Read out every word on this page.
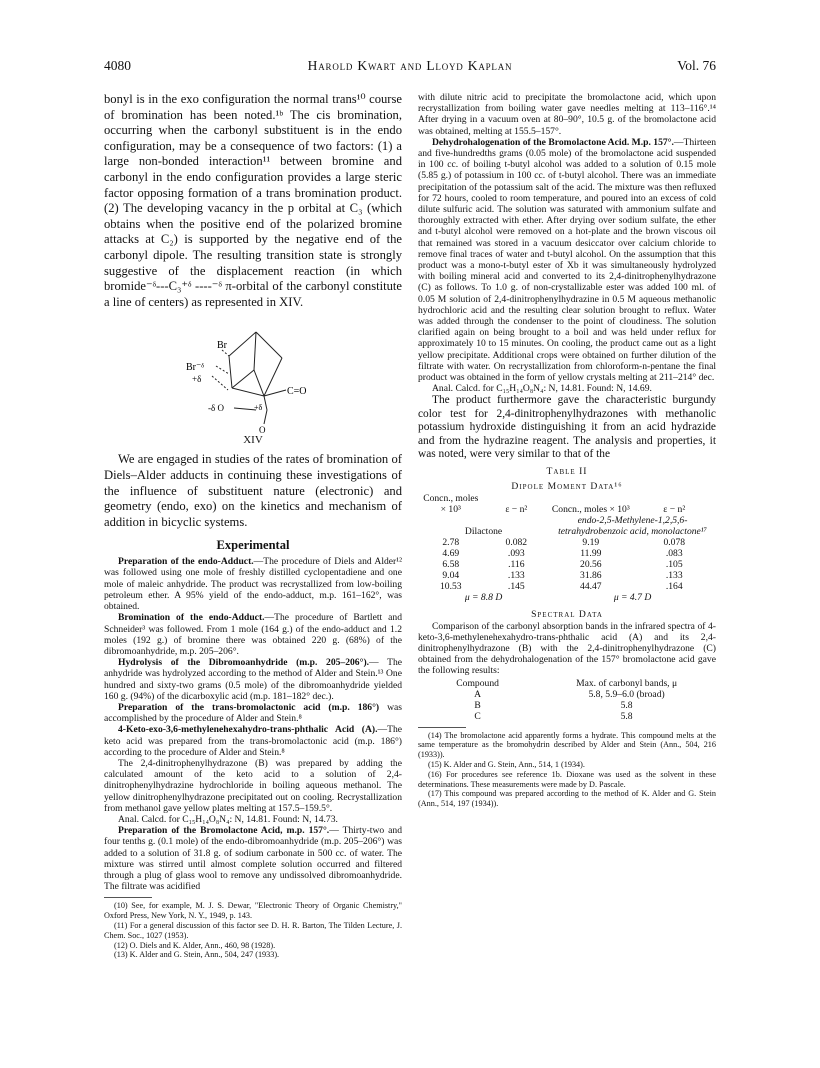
4080	Harold Kwart and Lloyd Kaplan	Vol. 76

bonyl is in the exo configuration the normal trans¹⁰ course of bromination has been noted.¹ᵇ The cis bromination, occurring when the carbonyl substituent is in the endo configuration, may be a consequence of two factors: (1) a large non-bonded interaction¹¹ between bromine and carbonyl in the endo configuration provides a large steric factor opposing formation of a trans bromination product. (2) The developing vacancy in the p orbital at C₃ (which obtains when the positive end of the polarized bromine attacks at C₂) is supported by the negative end of the carbonyl dipole. The resulting transition state is strongly suggestive of the displacement reaction (in which bromide⁻ᵟ---C₃⁺ᵟ ----⁻ᵟ π-orbital of the carbonyl constitute a line of centers) as represented in XIV.

Br
Br⁻ᵟ
+δ
-δ O	+δ
C=O
O
XIV

We are engaged in studies of the rates of bromination of Diels–Alder adducts in continuing these investigations of the influence of substituent nature (electronic) and geometry (endo, exo) on the kinetics and mechanism of addition in bicyclic systems.

Experimental

Preparation of the endo-Adduct.—The procedure of Diels and Alder¹² was followed using one mole of freshly distilled cyclopentadiene and one mole of maleic anhydride. The product was recrystallized from low-boiling petroleum ether. A 95% yield of the endo-adduct, m.p. 161–162°, was obtained.

Bromination of the endo-Adduct.—The procedure of Bartlett and Schneider³ was followed. From 1 mole (164 g.) of the endo-adduct and 1.2 moles (192 g.) of bromine there was obtained 220 g. (68%) of the dibromoanhydride, m.p. 205–206°.

Hydrolysis of the Dibromoanhydride (m.p. 205–206°).— The anhydride was hydrolyzed according to the method of Alder and Stein.¹³ One hundred and sixty-two grams (0.5 mole) of the dibromoanhydride yielded 160 g. (94%) of the dicarboxylic acid (m.p. 181–182° dec.).

Preparation of the trans-bromolactonic acid (m.p. 186°) was accomplished by the procedure of Alder and Stein.⁸

4-Keto-exo-3,6-methylenehexahydro-trans-phthalic Acid (A).—The keto acid was prepared from the trans-bromolactonic acid (m.p. 186°) according to the procedure of Alder and Stein.⁸

The 2,4-dinitrophenylhydrazone (B) was prepared by adding the calculated amount of the keto acid to a solution of 2,4-dinitrophenylhydrazine hydrochloride in boiling aqueous methanol. The yellow dinitrophenylhydrazone precipitated out on cooling. Recrystallization from methanol gave yellow plates melting at 157.5–159.5°.

Anal. Calcd. for C₁₅H₁₄O₈N₄: N, 14.81. Found: N, 14.73.

Preparation of the Bromolactone Acid, m.p. 157°.— Thirty-two and four tenths g. (0.1 mole) of the endo-dibromoanhydride (m.p. 205–206°) was added to a solution of 31.8 g. of sodium carbonate in 500 cc. of water. The mixture was stirred until almost complete solution occurred and filtered through a plug of glass wool to remove any undissolved dibromoanhydride. The filtrate was acidified

(10) See, for example, M. J. S. Dewar, "Electronic Theory of Organic Chemistry," Oxford Press, New York, N. Y., 1949, p. 143.

(11) For a general discussion of this factor see D. H. R. Barton, The Tilden Lecture, J. Chem. Soc., 1027 (1953).

(12) O. Diels and K. Alder, Ann., 460, 98 (1928).

(13) K. Alder and G. Stein, Ann., 504, 247 (1933).

with dilute nitric acid to precipitate the bromolactone acid, which upon recrystallization from boiling water gave needles melting at 113–116°.¹⁴ After drying in a vacuum oven at 80–90°, 10.5 g. of the bromolactone acid was obtained, melting at 155.5–157°.

Dehydrohalogenation of the Bromolactone Acid. M.p. 157°.—Thirteen and five-hundredths grams (0.05 mole) of the bromolactone acid suspended in 100 cc. of boiling t-butyl alcohol was added to a solution of 0.15 mole (5.85 g.) of potassium in 100 cc. of t-butyl alcohol. There was an immediate precipitation of the potassium salt of the acid. The mixture was then refluxed for 72 hours, cooled to room temperature, and poured into an excess of cold dilute sulfuric acid. The solution was saturated with ammonium sulfate and thoroughly extracted with ether. After drying over sodium sulfate, the ether and t-butyl alcohol were removed on a hot-plate and the brown viscous oil that remained was stored in a vacuum desiccator over calcium chloride to remove final traces of water and t-butyl alcohol. On the assumption that this product was a mono-t-butyl ester of Xb it was simultaneously hydrolyzed with boiling mineral acid and converted to its 2,4-dinitrophenylhydrazone (C) as follows. To 1.0 g. of non-crystallizable ester was added 100 ml. of 0.05 M solution of 2,4-dinitrophenylhydrazine in 0.5 M aqueous methanolic hydrochloric acid and the resulting clear solution brought to reflux. Water was added through the condenser to the point of cloudiness. The solution clarified again on being brought to a boil and was held under reflux for approximately 10 to 15 minutes. On cooling, the product came out as a light yellow precipitate. Additional crops were obtained on further dilution of the filtrate with water. On recrystallization from chloroform-n-pentane the final product was obtained in the form of yellow crystals melting at 211–214° dec.

Anal. Calcd. for C₁₅H₁₄O₈N₄: N, 14.81. Found: N, 14.69.

The product furthermore gave the characteristic burgundy color test for 2,4-dinitrophenylhydrazones with methanolic potassium hydroxide distinguishing it from an acid hydrazide and from the hydrazine reagent. The analysis and properties, it was noted, were very similar to that of the

Table II
Dipole Moment Data¹⁶
Concn., moles × 10³	ε − n²	Concn., moles × 10³	ε − n²
Dilactone		endo-2,5-Methylene-1,2,5,6-tetrahydrobenzoic acid, monolactone¹⁷	
2.78	0.082	9.19	0.078
4.69	.093	11.99	.083
6.58	.116	20.56	.105
9.04	.133	31.86	.133
10.53	.145	44.47	.164
μ = 8.8 D		μ = 4.7 D	
Spectral Data

Comparison of the carbonyl absorption bands in the infrared spectra of 4-keto-3,6-methylenehexahydro-trans-phthalic acid (A) and its 2,4-dinitrophenylhydrazone (B) with the 2,4-dinitrophenylhydrazone (C) obtained from the dehydrohalogenation of the 157° bromolactone acid gave the following results:

Compound	Max. of carbonyl bands, μ
A	5.8, 5.9–6.0 (broad)
B	5.8
C	5.8

(14) The bromolactone acid apparently forms a hydrate. This compound melts at the same temperature as the bromohydrin described by Alder and Stein (Ann., 504, 216 (1933)).

(15) K. Alder and G. Stein, Ann., 514, 1 (1934).

(16) For procedures see reference 1b. Dioxane was used as the solvent in these determinations. These measurements were made by D. Pascale.

(17) This compound was prepared according to the method of K. Alder and G. Stein (Ann., 514, 197 (1934)).
